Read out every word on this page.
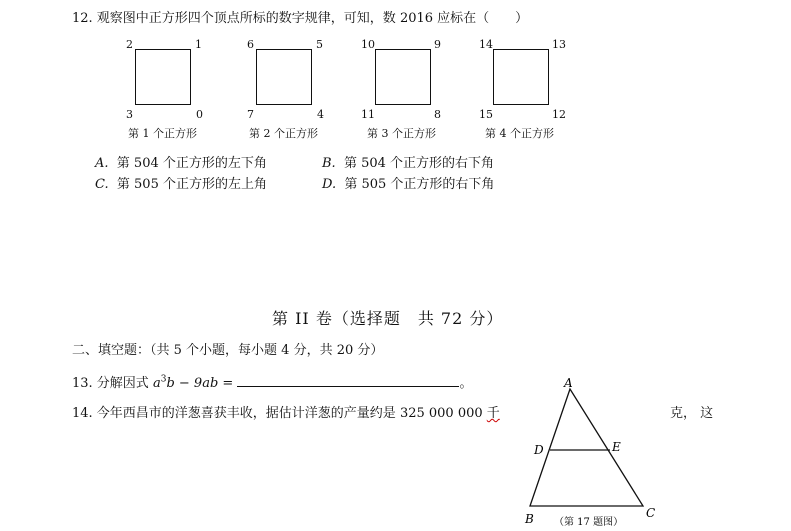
12. 观察图中正方形四个顶点所标的数字规律，可知，数 2016 应标在（　　）
2	1
3	0
第 1 个正方形
6	5
7	4
第 2 个正方形
10	9
11	8
第 3 个正方形
14	13
15	12
第 4 个正方形
A. 第 504 个正方形的左下角	B. 第 504 个正方形的右下角
C. 第 505 个正方形的左上角	D. 第 505 个正方形的右下角
第 II 卷（选择题　共 72 分）
二、填空题：（共 5 个小题，每小题 4 分，共 20 分）
13. 分解因式 $a^3b - 9ab$ =	。
14. 今年西昌市的洋葱喜获丰收，据估计洋葱的产量约是 325 000 000 千	克， 这
A
B	C
D	E
（第 17 题图）
